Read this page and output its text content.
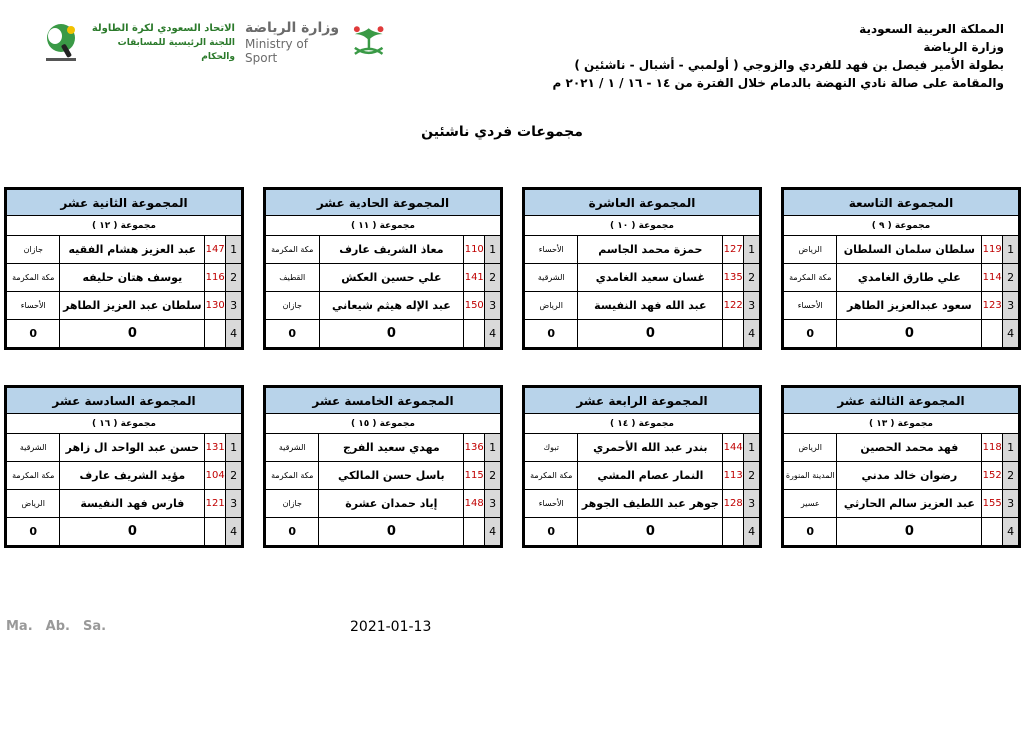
المملكة العربية السعودية
وزارة الرياضة
بطولة الأمير فيصل بن فهد للفردي والزوجي ( أولمبي - أشبال - ناشئين )
والمقامة على صالة نادي النهضة بالدمام خلال الفترة من ١٤ - ١٦ / ١ / ٢٠٢١ م
وزارة الرياضة
Ministry of Sport
الاتحاد السعودي لكرة الطاولة
اللجنة الرئيسية للمسابقات والحكام
مجموعات فردي ناشئين
المجموعة التاسعة			
مجموعة ( ٩ )			
الرياض	سلطان سلمان السلطان	119	1
مكة المكرمة	علي طارق الغامدي	114	2
الأحساء	سعود عبدالعزيز الطاهر	123	3
0	0		4
المجموعة العاشرة			
مجموعة ( ١٠ )			
الأحساء	حمزة محمد الجاسم	127	1
الشرقية	غسان سعيد الغامدي	135	2
الرياض	عبد الله فهد النفيسة	122	3
0	0		4
المجموعة الحادية عشر			
مجموعة ( ١١ )			
مكة المكرمة	معاذ الشريف عارف	110	1
القطيف	علي حسين العكش	141	2
جازان	عبد الإله هيثم شيعاني	150	3
0	0		4
المجموعة الثانية عشر			
مجموعة ( ١٢ )			
جازان	عبد العزيز هشام الفقيه	147	1
مكة المكرمة	يوسف هتان حليفه	116	2
الأحساء	سلطان عبد العزيز الطاهر	130	3
0	0		4
المجموعة الثالثة عشر			
مجموعة ( ١٣ )			
الرياض	فهد محمد الحصين	118	1
المدينة المنورة	رضوان خالد مدني	152	2
عسير	عبد العزيز سالم الحارثي	155	3
0	0		4
المجموعة الرابعة عشر			
مجموعة ( ١٤ )			
تبوك	بندر عبد الله الأحمري	144	1
مكة المكرمة	النمار عصام المشي	113	2
الأحساء	جوهر عبد اللطيف الجوهر	128	3
0	0		4
المجموعة الخامسة عشر			
مجموعة ( ١٥ )			
الشرقية	مهدي سعيد الفرج	136	1
مكة المكرمة	باسل حسن المالكي	115	2
جازان	إياد حمدان عشرة	148	3
0	0		4
المجموعة السادسة عشر			
مجموعة ( ١٦ )			
الشرقية	حسن عبد الواحد ال زاهر	131	1
مكة المكرمة	مؤيد الشريف عارف	104	2
الرياض	فارس فهد النفيسة	121	3
0	0		4
Ma. Ab. Sa.	2021-01-13
